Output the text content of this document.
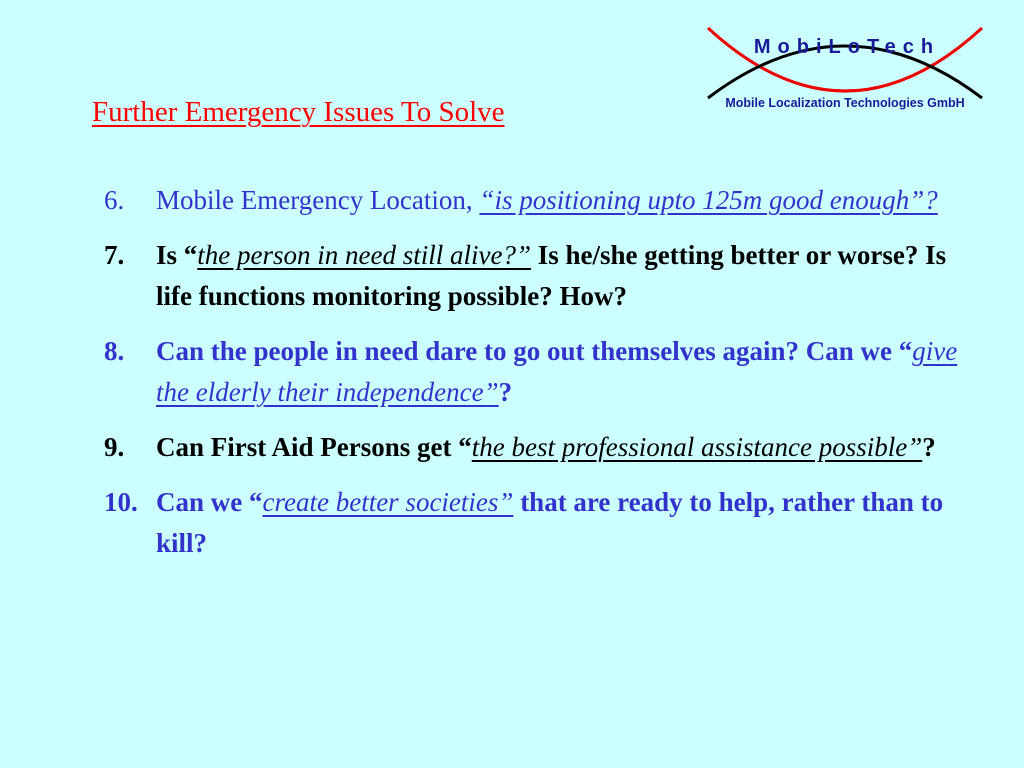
MobiLoTech
Mobile Localization Technologies GmbH
Further Emergency Issues To Solve
6. Mobile Emergency Location, “is positioning upto 125m good enough”?
7. Is “the person in need still alive?” Is he/she getting better or worse? Is life functions monitoring possible? How?
8. Can the people in need dare to go out themselves again? Can we “give the elderly their independence”?
9. Can First Aid Persons get “the best professional assistance possible”?
10. Can we “create better societies” that are ready to help, rather than to kill?
